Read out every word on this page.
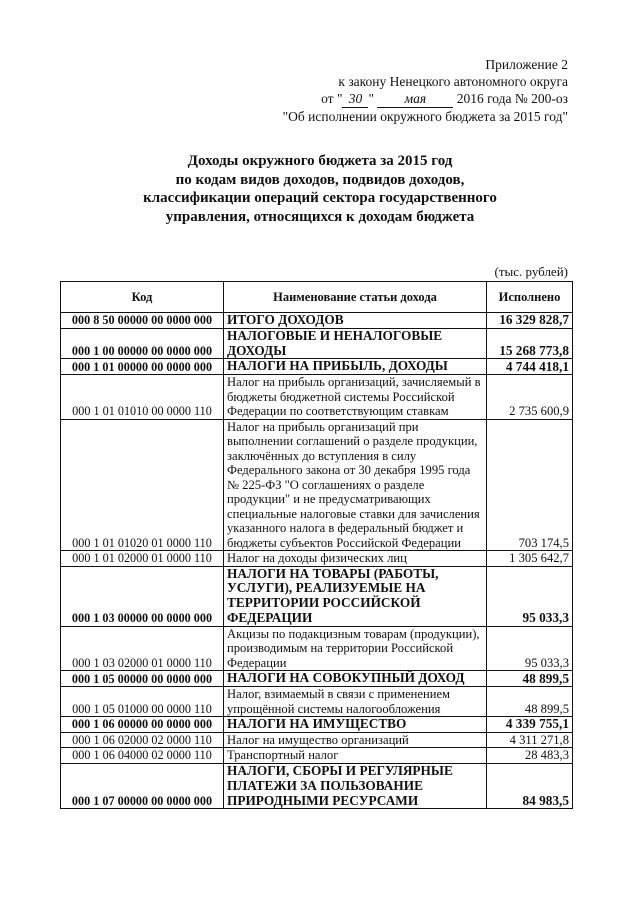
Приложение 2
к закону Ненецкого автономного округа
от " 30 " мая 2016 года № 200-оз
"Об исполнении окружного бюджета за 2015 год"
Доходы окружного бюджета за 2015 год
по кодам видов доходов, подвидов доходов,
классификации операций сектора государственного
управления, относящихся к доходам бюджета
(тыс. рублей)
Код	Наименование статьи дохода	Исполнено
000 8 50 00000 00 0000 000	ИТОГО ДОХОДОВ	16 329 828,7
000 1 00 00000 00 0000 000	НАЛОГОВЫЕ И НЕНАЛОГОВЫЕ ДОХОДЫ	15 268 773,8
000 1 01 00000 00 0000 000	НАЛОГИ НА ПРИБЫЛЬ, ДОХОДЫ	4 744 418,1
000 1 01 01010 00 0000 110	Налог на прибыль организаций, зачисляемый в бюджеты бюджетной системы Российской Федерации по соответствующим ставкам	2 735 600,9
000 1 01 01020 01 0000 110	Налог на прибыль организаций при выполнении соглашений о разделе продукции, заключённых до вступления в силу Федерального закона от 30 декабря 1995 года № 225-ФЗ "О соглашениях о разделе продукции" и не предусматривающих специальные налоговые ставки для зачисления указанного налога в федеральный бюджет и бюджеты субъектов Российской Федерации	703 174,5
000 1 01 02000 01 0000 110	Налог на доходы физических лиц	1 305 642,7
000 1 03 00000 00 0000 000	НАЛОГИ НА ТОВАРЫ (РАБОТЫ, УСЛУГИ), РЕАЛИЗУЕМЫЕ НА ТЕРРИТОРИИ РОССИЙСКОЙ ФЕДЕРАЦИИ	95 033,3
000 1 03 02000 01 0000 110	Акцизы по подакцизным товарам (продукции), производимым на территории Российской Федерации	95 033,3
000 1 05 00000 00 0000 000	НАЛОГИ НА СОВОКУПНЫЙ ДОХОД	48 899,5
000 1 05 01000 00 0000 110	Налог, взимаемый в связи с применением упрощённой системы налогообложения	48 899,5
000 1 06 00000 00 0000 000	НАЛОГИ НА ИМУЩЕСТВО	4 339 755,1
000 1 06 02000 02 0000 110	Налог на имущество организаций	4 311 271,8
000 1 06 04000 02 0000 110	Транспортный налог	28 483,3
000 1 07 00000 00 0000 000	НАЛОГИ, СБОРЫ И РЕГУЛЯРНЫЕ ПЛАТЕЖИ ЗА ПОЛЬЗОВАНИЕ ПРИРОДНЫМИ РЕСУРСАМИ	84 983,5
